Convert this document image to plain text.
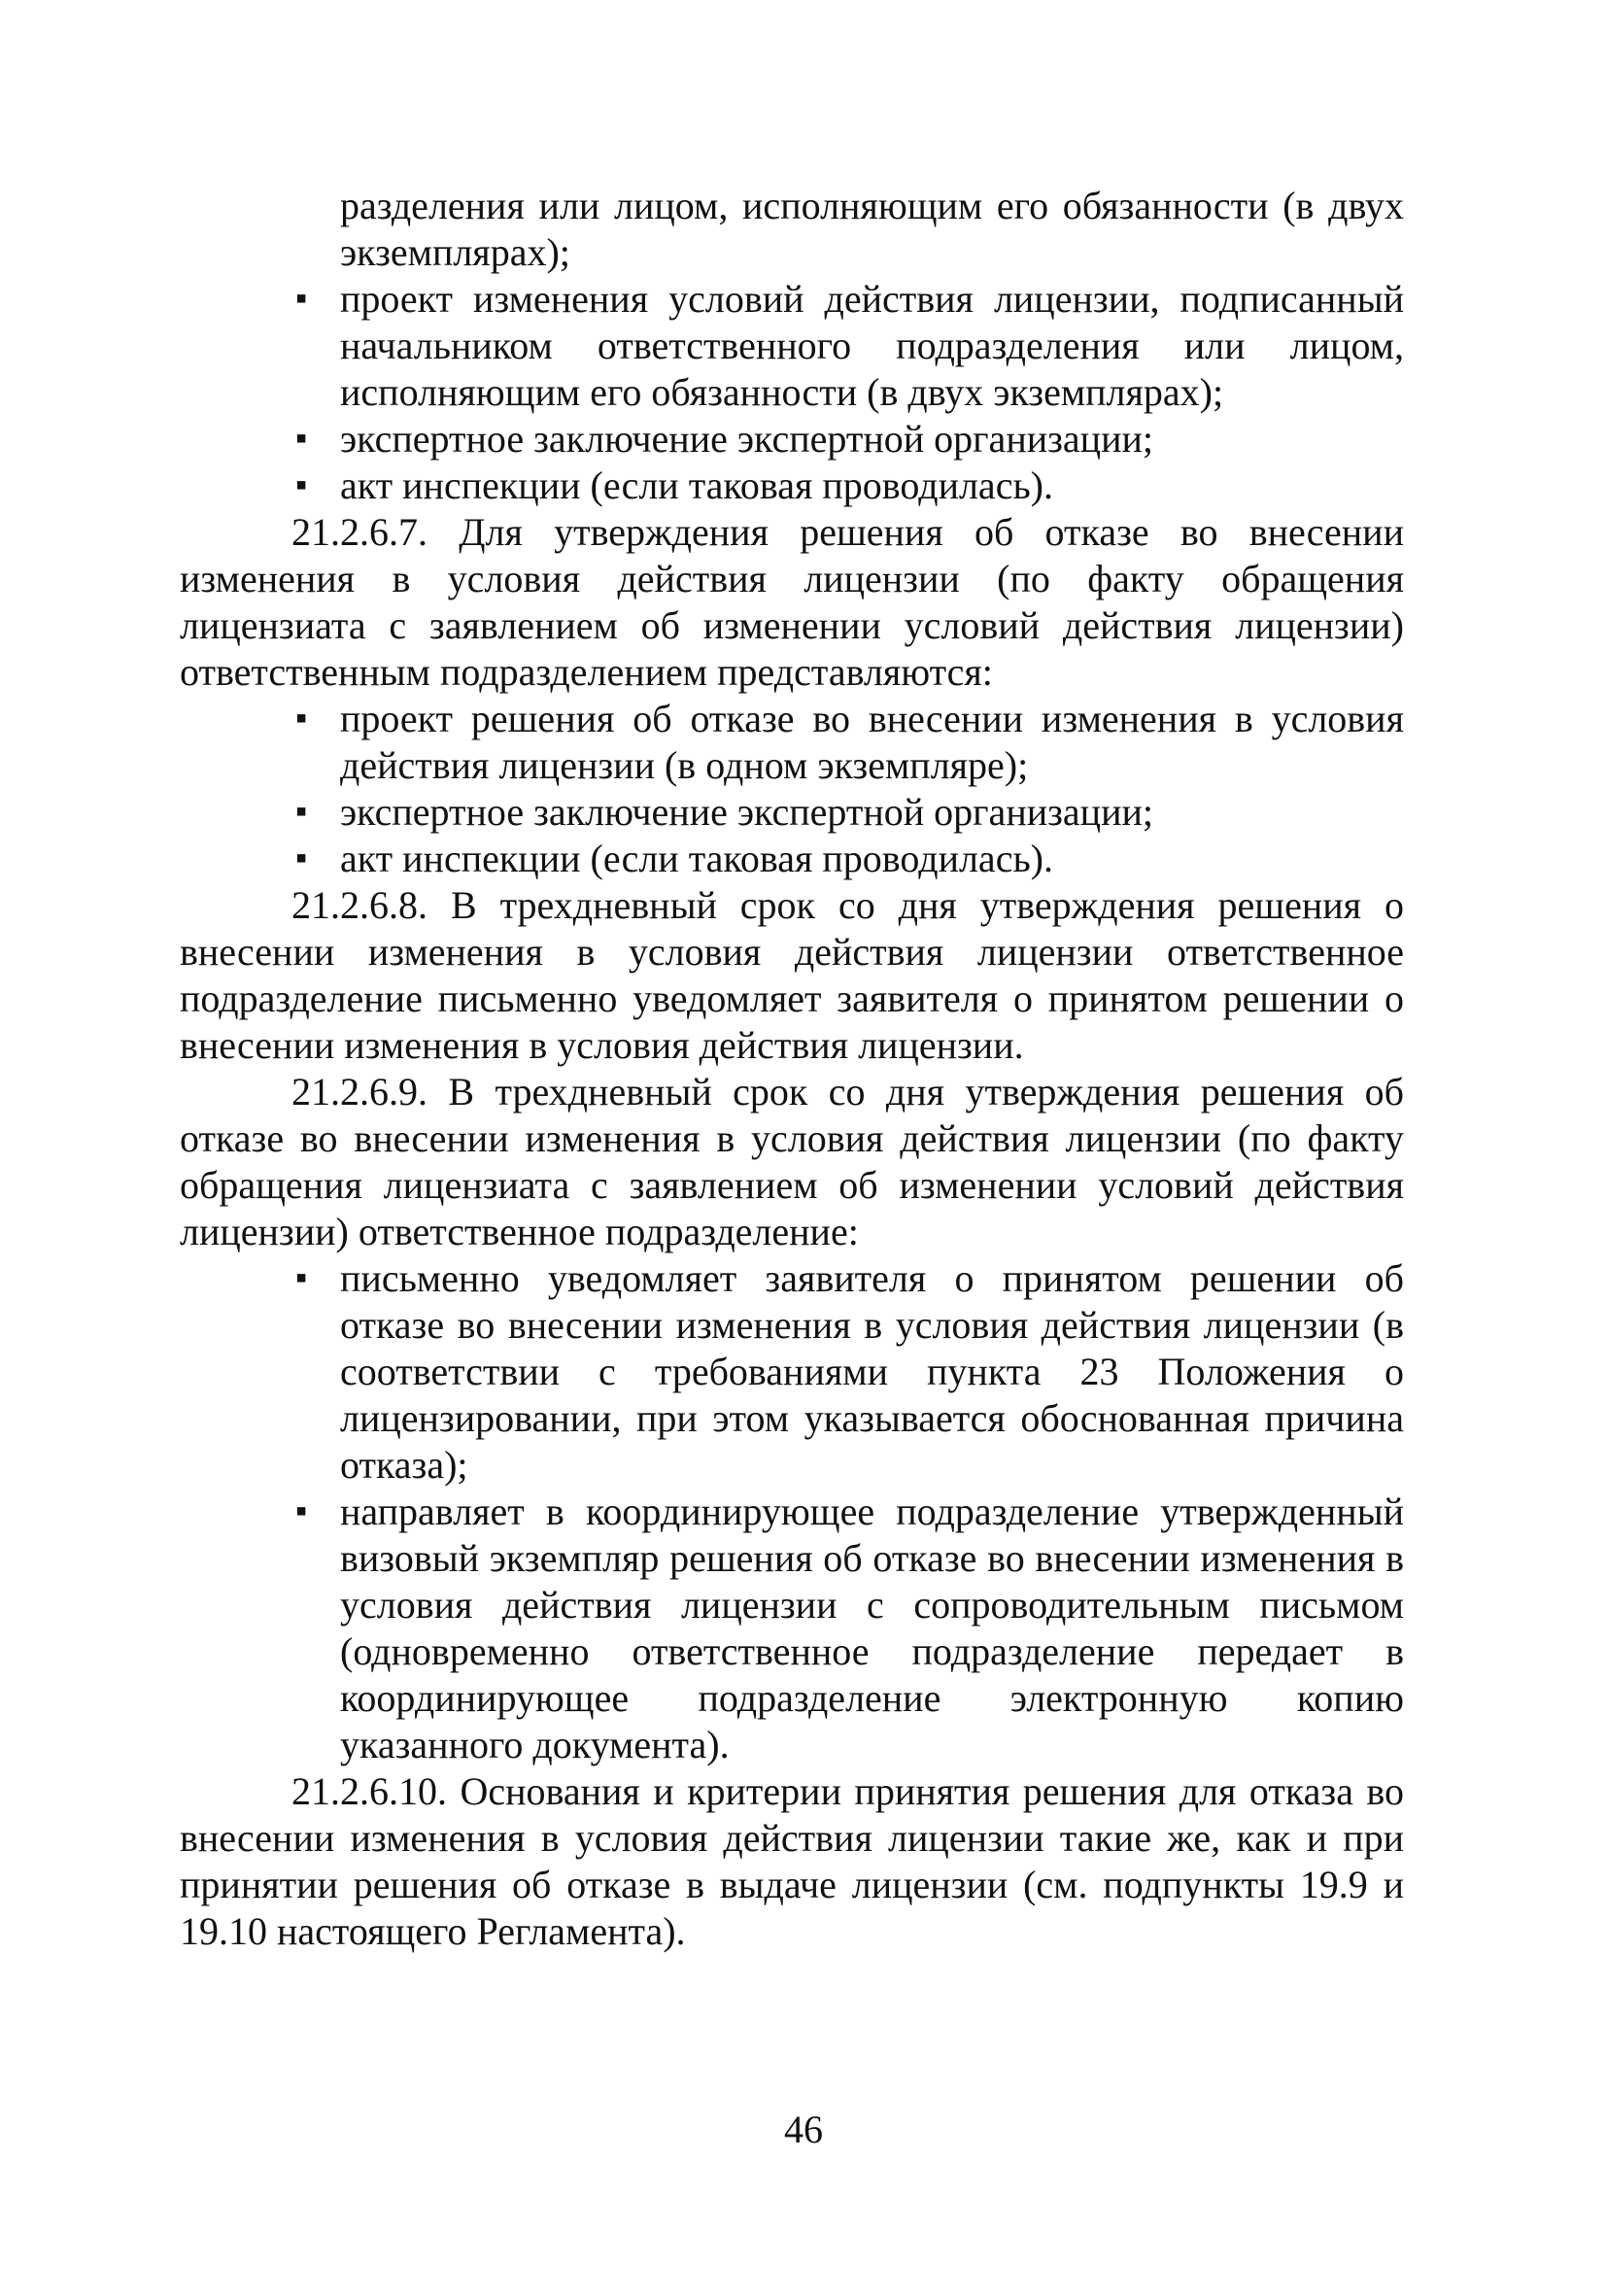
разделения или лицом, исполняющим его обязанности (в двух экземплярах);

▪ проект изменения условий действия лицензии, подписанный начальником ответственного подразделения или лицом, исполняющим его обязанности (в двух экземплярах);

▪ экспертное заключение экспертной организации;

▪ акт инспекции (если таковая проводилась).

21.2.6.7. Для утверждения решения об отказе во внесении изменения в условия действия лицензии (по факту обращения лицензиата с заявлением об изменении условий действия лицензии) ответственным подразделением представляются:

▪ проект решения об отказе во внесении изменения в условия действия лицензии (в одном экземпляре);

▪ экспертное заключение экспертной организации;

▪ акт инспекции (если таковая проводилась).

21.2.6.8. В трехдневный срок со дня утверждения решения о внесении изменения в условия действия лицензии ответственное подразделение письменно уведомляет заявителя о принятом решении о внесении изменения в условия действия лицензии.

21.2.6.9. В трехдневный срок со дня утверждения решения об отказе во внесении изменения в условия действия лицензии (по факту обращения лицензиата с заявлением об изменении условий действия лицензии) ответственное подразделение:

▪ письменно уведомляет заявителя о принятом решении об отказе во внесении изменения в условия действия лицензии (в соответствии с требованиями пункта 23 Положения о лицензировании, при этом указывается обоснованная причина отказа);

▪ направляет в координирующее подразделение утвержденный визовый экземпляр решения об отказе во внесении изменения в условия действия лицензии с сопроводительным письмом (одновременно ответственное подразделение передает в координирующее подразделение электронную копию указанного документа).

21.2.6.10. Основания и критерии принятия решения для отказа во внесении изменения в условия действия лицензии такие же, как и при принятии решения об отказе в выдаче лицензии (см. подпункты 19.9 и 19.10 настоящего Регламента).

46
